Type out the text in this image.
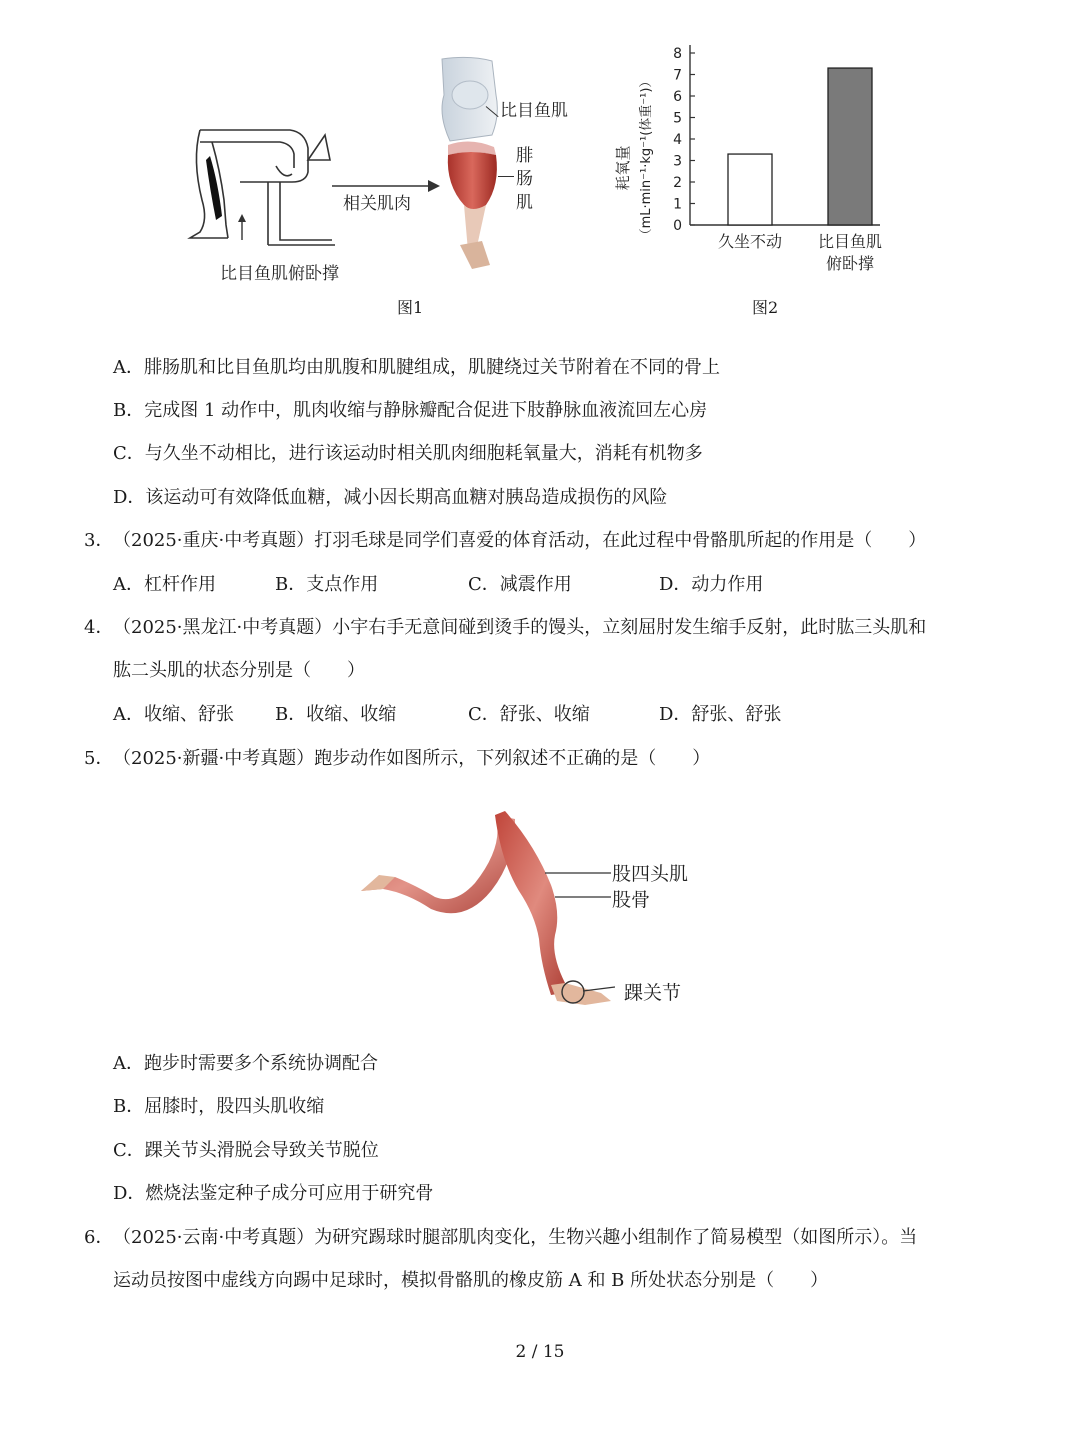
比目鱼肌俯卧撑
相关肌肉
比目鱼肌
腓
肠
肌
图1
0
1
2
3
4
5
6
7
8
耗氧量 （mL·min⁻¹·kg⁻¹(体重⁻¹)）
久坐不动 比目鱼肌
俯卧撑
图2
A．腓肠肌和比目鱼肌均由肌腹和肌腱组成，肌腱绕过关节附着在不同的骨上
B．完成图 1 动作中，肌肉收缩与静脉瓣配合促进下肢静脉血液流回左心房
C．与久坐不动相比，进行该运动时相关肌肉细胞耗氧量大，消耗有机物多
D．该运动可有效降低血糖，减小因长期高血糖对胰岛造成损伤的风险
3． （2025·重庆·中考真题）打羽毛球是同学们喜爱的体育活动，在此过程中骨骼肌所起的作用是（　　）
A．杠杆作用	B．支点作用	C．减震作用	D．动力作用
4． （2025·黑龙江·中考真题）小宇右手无意间碰到烫手的馒头，立刻屈肘发生缩手反射，此时肱三头肌和
肱二头肌的状态分别是（　　）
A．收缩、舒张 B．收缩、收缩	C．舒张、收缩	D．舒张、舒张
5． （2025·新疆·中考真题）跑步动作如图所示，下列叙述不正确的是（　　）
股四头肌
股骨
踝关节
A．跑步时需要多个系统协调配合
B．屈膝时，股四头肌收缩
C．踝关节头滑脱会导致关节脱位
D．燃烧法鉴定种子成分可应用于研究骨
6． （2025·云南·中考真题）为研究踢球时腿部肌肉变化，生物兴趣小组制作了简易模型（如图所示）。当
运动员按图中虚线方向踢中足球时，模拟骨骼肌的橡皮筋 A 和 B 所处状态分别是（　　）
2 / 15
